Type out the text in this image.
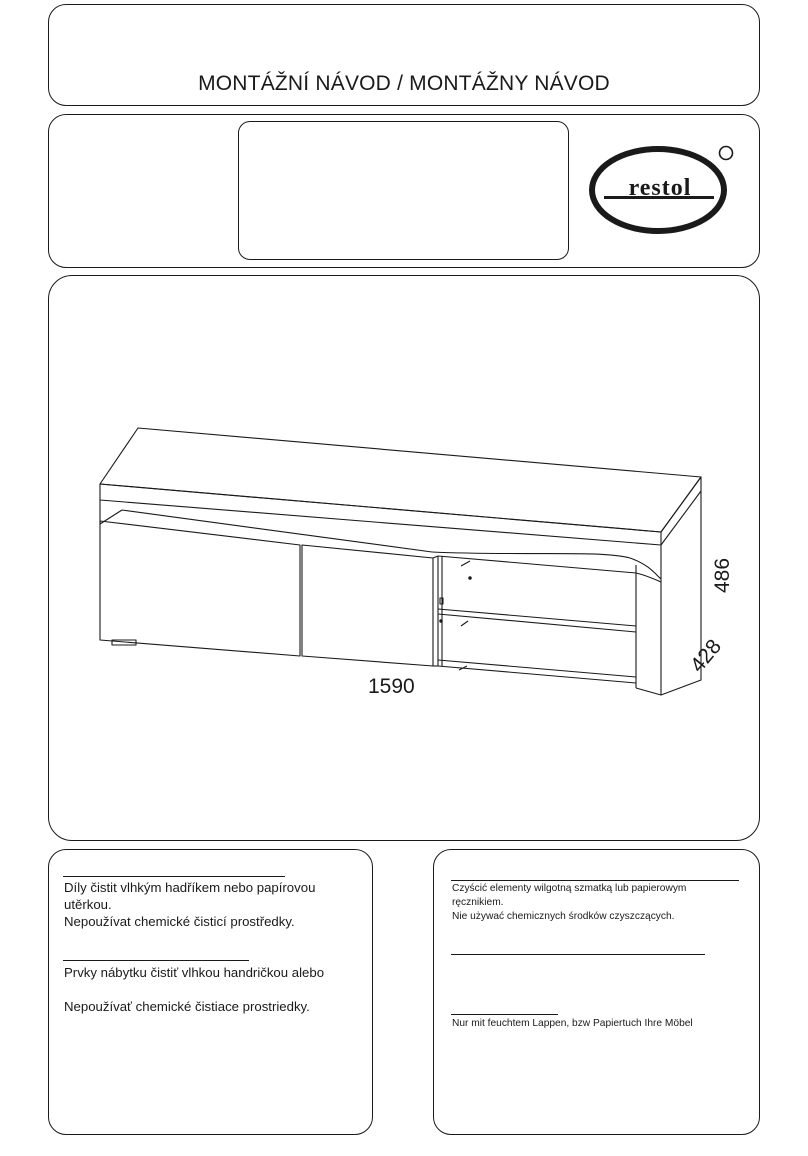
MONTÁŽNÍ NÁVOD / MONTÁŽNY NÁVOD
restol
1590
428
486
Díly čistit vlhkým hadříkem nebo papírovou
utěrkou.
Nepoužívat chemické čisticí prostředky.
Prvky nábytku čistiť vlhkou handričkou alebo
Nepoužívať chemické čistiace prostriedky.
Czyścić elementy wilgotną szmatką lub papierowym
ręcznikiem.
Nie używać chemicznych środków czyszczących.
Nur mit feuchtem Lappen, bzw Papiertuch Ihre Möbel
